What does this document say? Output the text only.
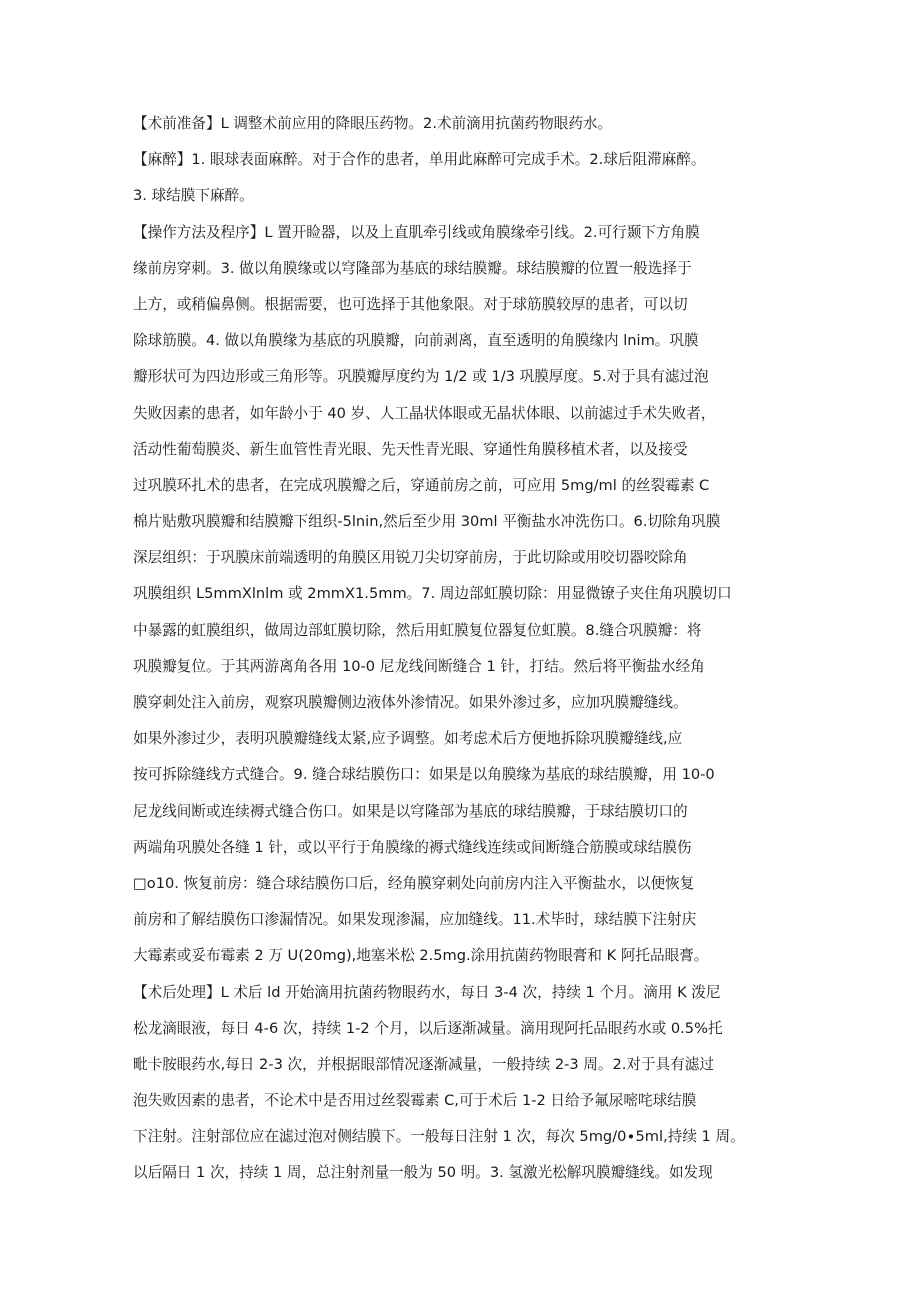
【术前准备】L 调整术前应用的降眼压药物。2.术前滴用抗菌药物眼药水。
【麻醉】1. 眼球表面麻醉。对于合作的患者，单用此麻醉可完成手术。2.球后阻滞麻醉。
3. 球结膜下麻醉。
【操作方法及程序】L 置开睑器，以及上直肌牵引线或角膜缘牵引线。2.可行颞下方角膜
缘前房穿刺。3. 做以角膜缘或以穹隆部为基底的球结膜瓣。球结膜瓣的位置一般选择于
上方，或稍偏鼻侧。根据需要，也可选择于其他象限。对于球筋膜较厚的患者，可以切
除球筋膜。4. 做以角膜缘为基底的巩膜瓣，向前剥离，直至透明的角膜缘内 lnim。巩膜
瓣形状可为四边形或三角形等。巩膜瓣厚度约为 1/2 或 1/3 巩膜厚度。5.对于具有滤过泡
失败因素的患者，如年龄小于 40 岁、人工晶状体眼或无晶状体眼、以前滤过手术失败者，
活动性葡萄膜炎、新生血管性青光眼、先天性青光眼、穿通性角膜移植术者，以及接受
过巩膜环扎术的患者，在完成巩膜瓣之后，穿通前房之前，可应用 5mg∕ml 的丝裂霉素 C
棉片贴敷巩膜瓣和结膜瓣下组织-5lnin,然后至少用 30ml 平衡盐水冲洗伤口。6.切除角巩膜
深层组织：于巩膜床前端透明的角膜区用锐刀尖切穿前房，于此切除或用咬切器咬除角
巩膜组织 L5mmXlnlm 或 2mmX1.5mm。7. 周边部虹膜切除：用显微镣子夹住角巩膜切口
中暴露的虹膜组织，做周边部虹膜切除，然后用虹膜复位器复位虹膜。8.缝合巩膜瓣：将
巩膜瓣复位。于其两游离角各用 10-0 尼龙线间断缝合 1 针，打结。然后将平衡盐水经角
膜穿刺处注入前房，观察巩膜瓣侧边液体外渗情况。如果外渗过多，应加巩膜瓣缝线。
如果外渗过少，表明巩膜瓣缝线太紧,应予调整。如考虑术后方便地拆除巩膜瓣缝线,应
按可拆除缝线方式缝合。9. 缝合球结膜伤口：如果是以角膜缘为基底的球结膜瓣，用 10-0
尼龙线间断或连续褥式缝合伤口。如果是以穹隆部为基底的球结膜瓣，于球结膜切口的
两端角巩膜处各缝 1 针，或以平行于角膜缘的褥式缝线连续或间断缝合筋膜或球结膜伤
□o10. 恢复前房：缝合球结膜伤口后，经角膜穿刺处向前房内注入平衡盐水，以便恢复
前房和了解结膜伤口渗漏情况。如果发现渗漏，应加缝线。11.术毕时，球结膜下注射庆
大霉素或妥布霉素 2 万 U(20mg),地塞米松 2.5mg.涂用抗菌药物眼膏和 K 阿托品眼膏。
【术后处理】L 术后 ld 开始滴用抗菌药物眼药水，每日 3-4 次，持续 1 个月。滴用 K 泼尼
松龙滴眼液，每日 4-6 次，持续 1-2 个月，以后逐渐减量。滴用现阿托品眼药水或 0.5%托
毗卡胺眼药水,每日 2-3 次，并根据眼部情况逐渐减量，一般持续 2-3 周。2.对于具有滤过
泡失败因素的患者，不论术中是否用过丝裂霉素 C,可于术后 1-2 日给予氟尿嘧咤球结膜
下注射。注射部位应在滤过泡对侧结膜下。一般每日注射 1 次，每次 5mg∕0∙5ml,持续 1 周。
以后隔日 1 次，持续 1 周，总注射剂量一般为 50 明。3. 氢激光松解巩膜瓣缝线。如发现
